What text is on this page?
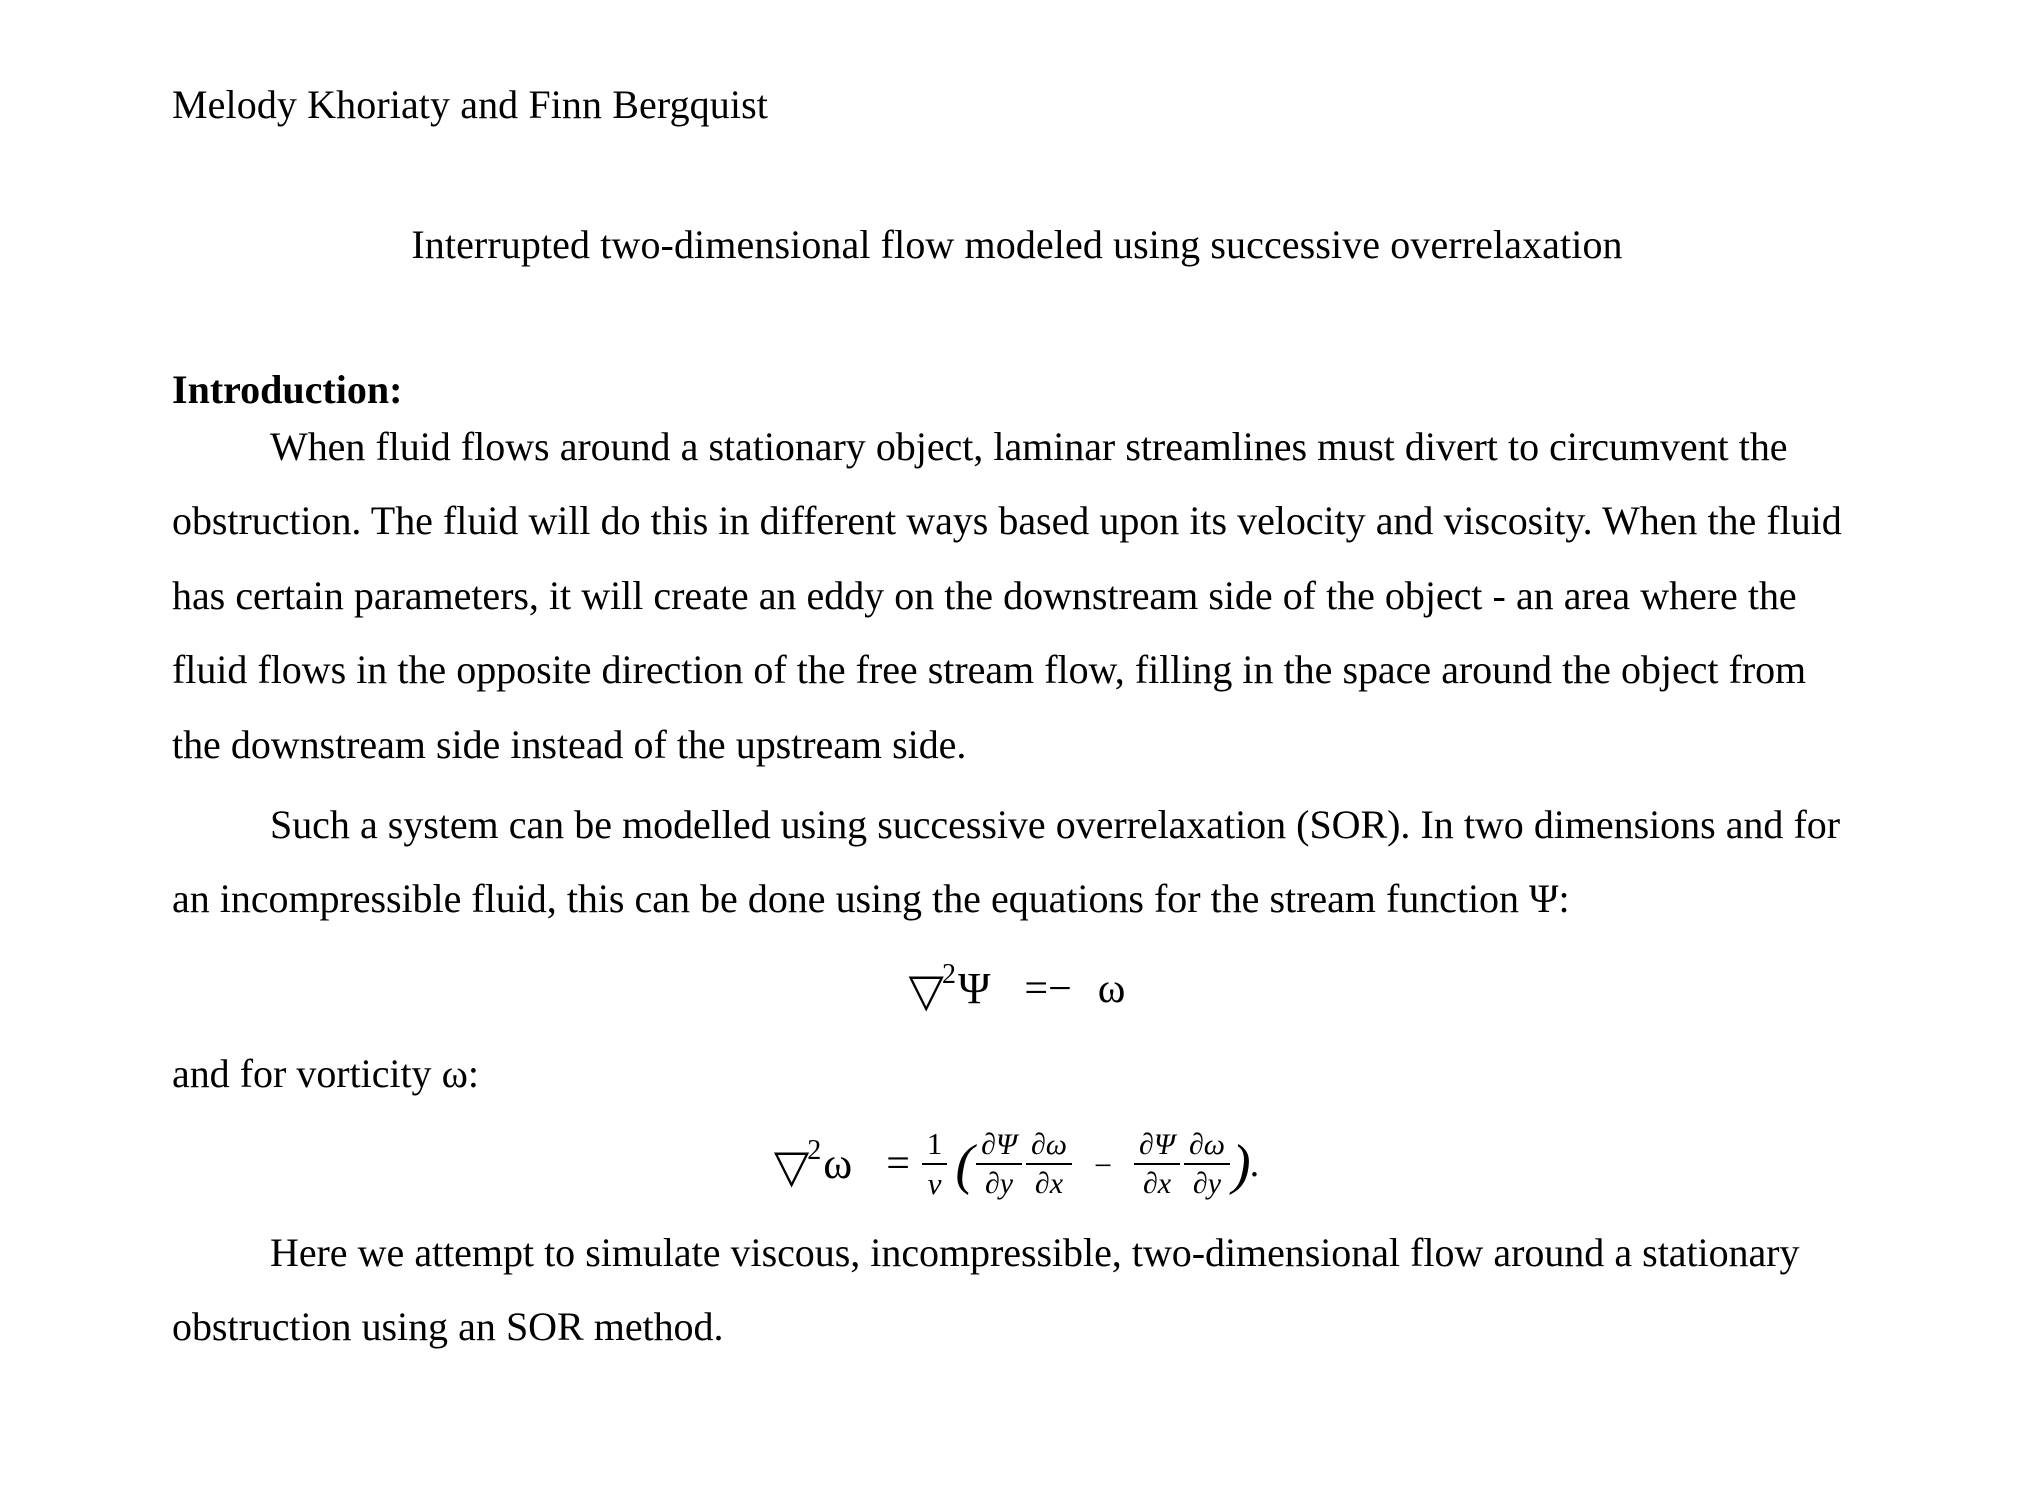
Melody Khoriaty and Finn Bergquist
Interrupted two-dimensional flow modeled using successive overrelaxation
Introduction:

When fluid flows around a stationary object, laminar streamlines must divert to circumvent the obstruction. The fluid will do this in different ways based upon its velocity and viscosity. When the fluid has certain parameters, it will create an eddy on the downstream side of the object - an area where the fluid flows in the opposite direction of the free stream flow, filling in the space around the object from the downstream side instead of the upstream side.

Such a system can be modelled using successive overrelaxation (SOR). In two dimensions and for an incompressible fluid, this can be done using the equations for the stream function Ψ:

▽
2 Ψ = − ω

and for vorticity ω:

▽
2 $\omega = \frac{1}{v}$ ( $\frac{\partial\Psi}{\partial y} \frac{\partial\omega}{\partial x} - \frac{\partial\Psi}{\partial x} \frac{\partial\omega}{\partial y}$ ) .

Here we attempt to simulate viscous, incompressible, two-dimensional flow around a stationary obstruction using an SOR method.
